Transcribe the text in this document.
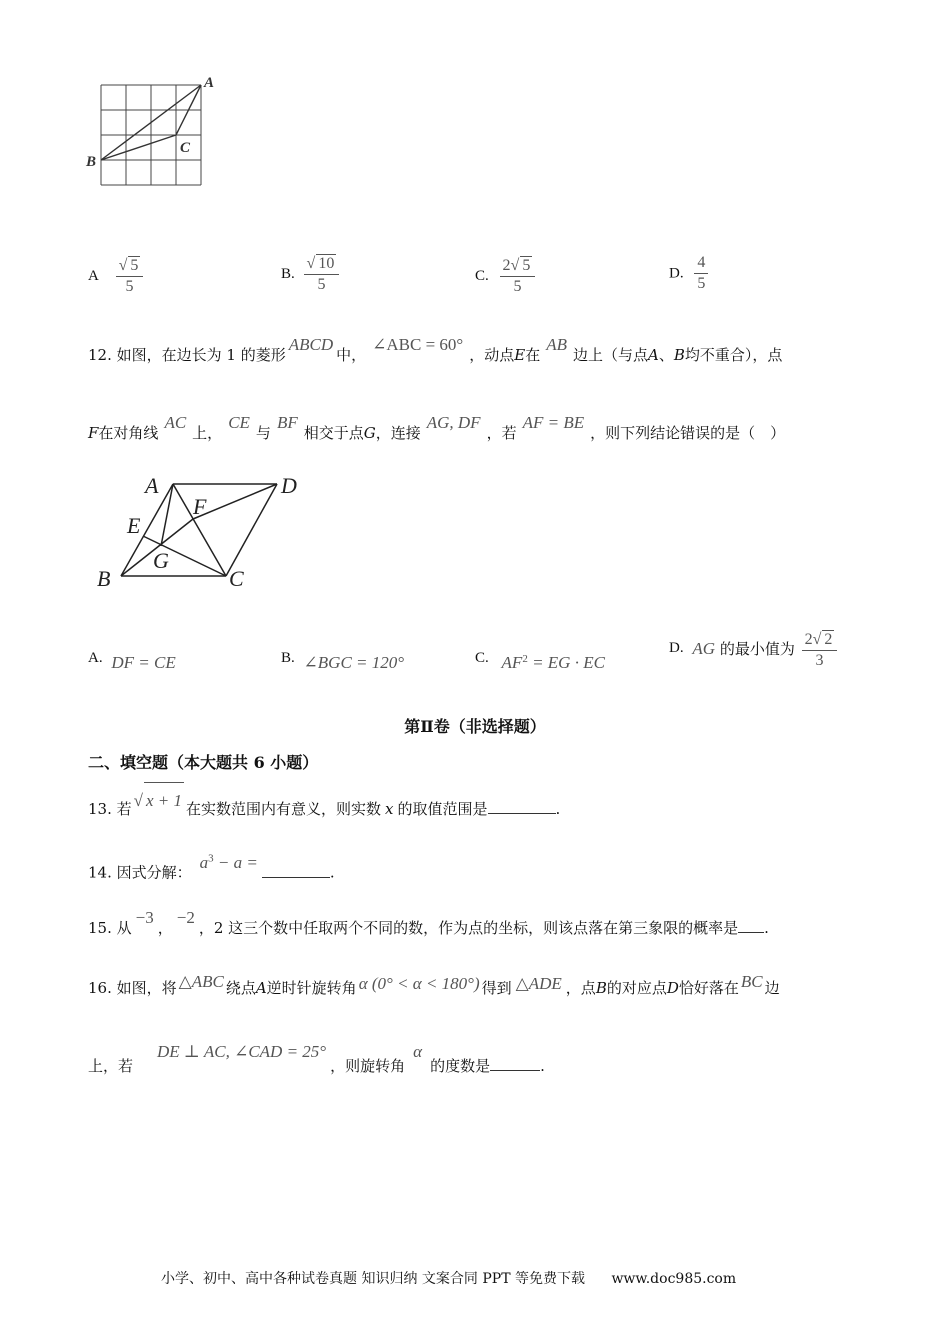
A
B
C
A $\frac{√ 5}{5}$	B. $\frac{√ 10}{5}$	C. $\frac{2√ 5}{5}$	D. $\frac{4}{5}$
12. 如图，在边长为 1 的菱形ABCD中，∠ABC = 60°，动点E在AB边上（与点A、B均不重合），点
F在对角线AC上，CE与BF相交于点G，连接AG, DF，若AF = BE，则下列结论错误的是（　）
A	D
E
F
G
B	C
A. DF = CE	B. ∠BGC = 120°	C. $AF^2$ = EG · EC
D. AG 的最小值为 $\frac{2√ 2}{3}$
第Ⅱ卷（非选择题）
二、填空题（本大题共 6 小题）
13. 若 √ x + 1 在实数范围内有意义，则实数 x 的取值范围是	.
14. 因式分解：$a^3 - a$ =.
15. 从−3，−2，2 这三个数中任取两个不同的数，作为点的坐标，则该点落在第三象限的概率是 .
16. 如图，将 △ABC 绕点A逆时针旋转角 α (0° < α < 180°) 得到 △ADE ，点B的对应点D恰好落在 BC 边
上，若DE ⊥ AC, ∠CAD = 25°，则旋转角α的度数是	.
小学、初中、高中各种试卷真题 知识归纳 文案合同 PPT 等免费下载 www.doc985.com
